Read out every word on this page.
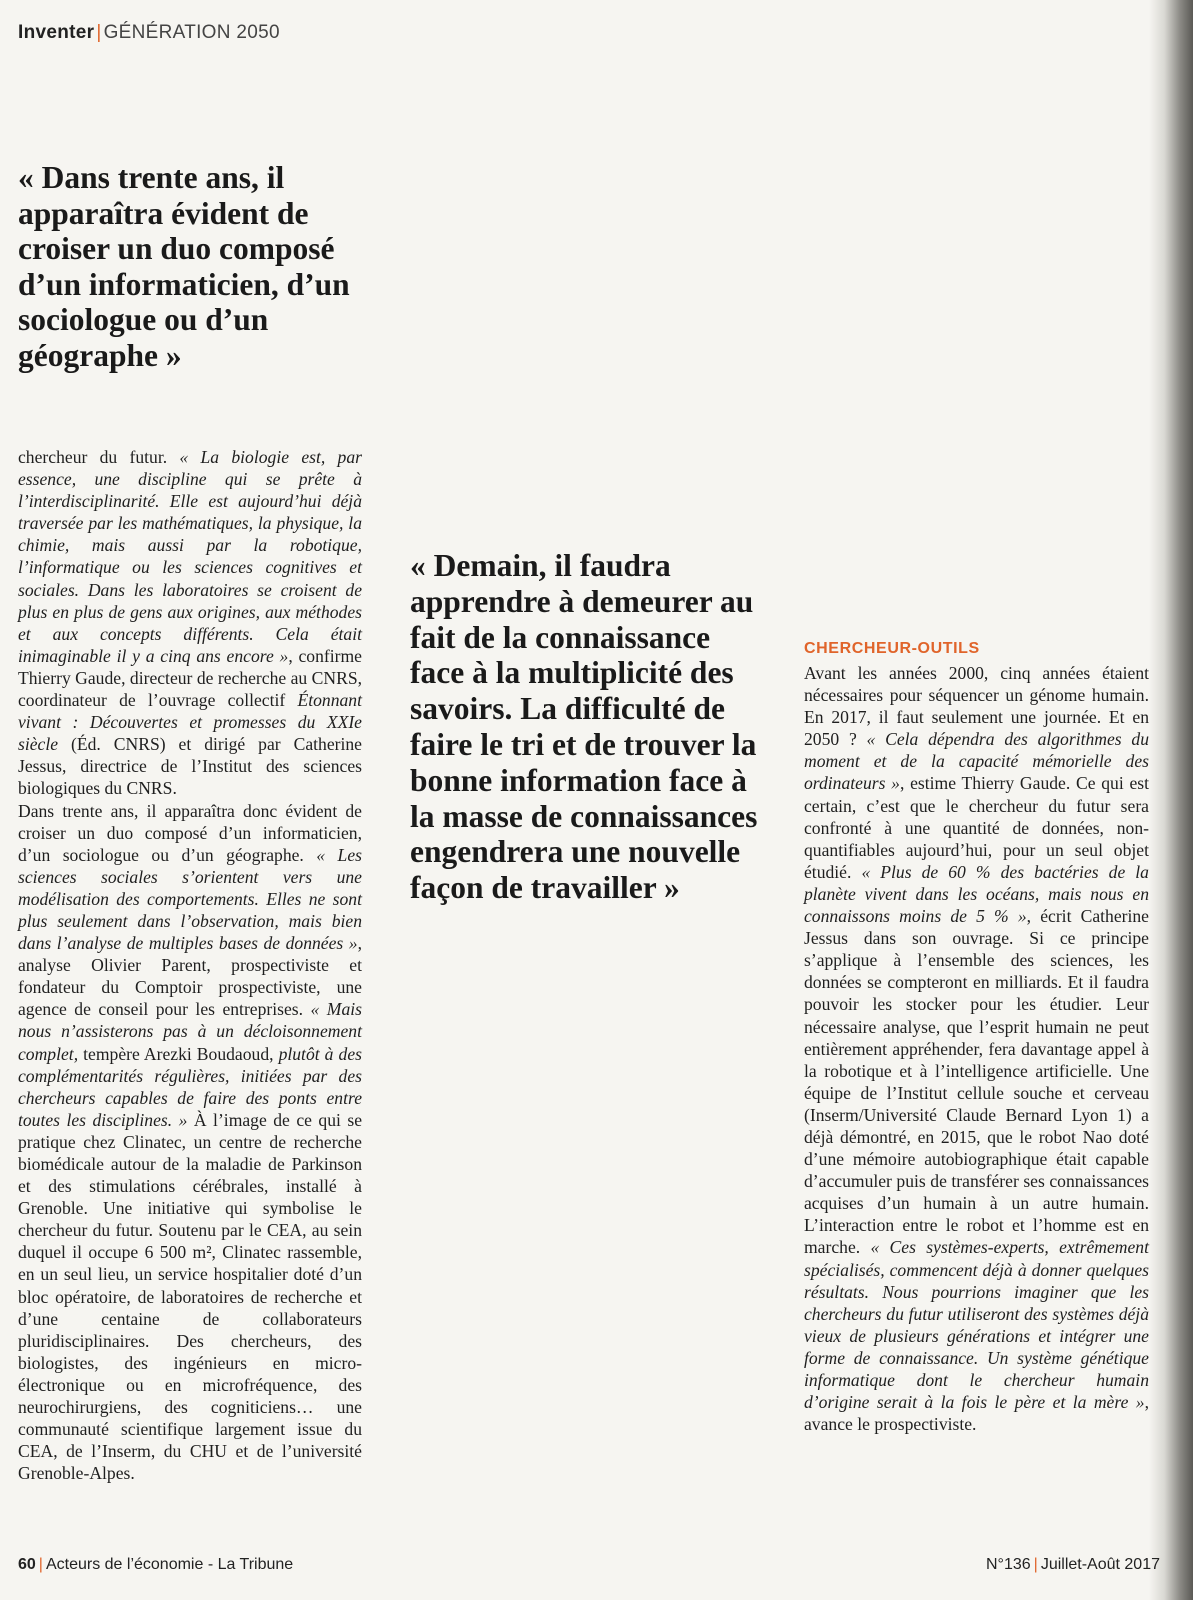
Inventer | GÉNÉRATION 2050

« Dans trente ans, il apparaîtra évident de croiser un duo composé d’un informaticien, d’un sociologue ou d’un géographe »

chercheur du futur. « La biologie est, par essence, une discipline qui se prête à l’interdisciplinarité. Elle est aujourd’hui déjà traversée par les mathématiques, la physique, la chimie, mais aussi par la robotique, l’informatique ou les sciences cognitives et sociales. Dans les laboratoires se croisent de plus en plus de gens aux origines, aux méthodes et aux concepts différents. Cela était inimaginable il y a cinq ans encore », confirme Thierry Gaude, directeur de recherche au CNRS, coordinateur de l’ouvrage collectif Étonnant vivant : Découvertes et promesses du XXIe siècle (Éd. CNRS) et dirigé par Catherine Jessus, directrice de l’Institut des sciences biologiques du CNRS.

Dans trente ans, il apparaîtra donc évident de croiser un duo composé d’un informaticien, d’un sociologue ou d’un géographe. « Les sciences sociales s’orientent vers une modélisation des comportements. Elles ne sont plus seulement dans l’observation, mais bien dans l’analyse de multiples bases de données », analyse Olivier Parent, prospectiviste et fondateur du Comptoir prospectiviste, une agence de conseil pour les entreprises. « Mais nous n’assisterons pas à un décloisonnement complet, tempère Arezki Boudaoud, plutôt à des complémentarités régulières, initiées par des chercheurs capables de faire des ponts entre toutes les disciplines. » À l’image de ce qui se pratique chez Clinatec, un centre de recherche biomédicale autour de la maladie de Parkinson et des stimulations cérébrales, installé à Grenoble. Une initiative qui symbolise le chercheur du futur. Soutenu par le CEA, au sein duquel il occupe 6 500 m², Clinatec rassemble, en un seul lieu, un service hospitalier doté d’un bloc opératoire, de laboratoires de recherche et d’une centaine de collaborateurs pluridisciplinaires. Des chercheurs, des biologistes, des ingénieurs en micro-électronique ou en microfréquence, des neurochirurgiens, des cogniticiens… une communauté scientifique largement issue du CEA, de l’Inserm, du CHU et de l’université Grenoble-Alpes.

« Demain, il faudra apprendre à demeurer au fait de la connaissance face à la multiplicité des savoirs. La difficulté de faire le tri et de trouver la bonne information face à la masse de connaissances engendrera une nouvelle façon de travailler »

CHERCHEUR-OUTILS

Avant les années 2000, cinq années étaient nécessaires pour séquencer un génome humain. En 2017, il faut seulement une journée. Et en 2050 ? « Cela dépendra des algorithmes du moment et de la capacité mémorielle des ordinateurs », estime Thierry Gaude. Ce qui est certain, c’est que le chercheur du futur sera confronté à une quantité de données, non-quantifiables aujourd’hui, pour un seul objet étudié. « Plus de 60 % des bactéries de la planète vivent dans les océans, mais nous en connaissons moins de 5 % », écrit Catherine Jessus dans son ouvrage. Si ce principe s’applique à l’ensemble des sciences, les données se compteront en milliards. Et il faudra pouvoir les stocker pour les étudier. Leur nécessaire analyse, que l’esprit humain ne peut entièrement appréhender, fera davantage appel à la robotique et à l’intelligence artificielle. Une équipe de l’Institut cellule souche et cerveau (Inserm/Université Claude Bernard Lyon 1) a déjà démontré, en 2015, que le robot Nao doté d’une mémoire autobiographique était capable d’accumuler puis de transférer ses connaissances acquises d’un humain à un autre humain. L’interaction entre le robot et l’homme est en marche. « Ces systèmes-experts, extrêmement spécialisés, commencent déjà à donner quelques résultats. Nous pourrions imaginer que les chercheurs du futur utiliseront des systèmes déjà vieux de plusieurs générations et intégrer une forme de connaissance. Un système génétique informatique dont le chercheur humain d’origine serait à la fois le père et la mère », avance le prospectiviste.

60 | Acteurs de l’économie - La Tribune	N°136 | Juillet-Août 2017
